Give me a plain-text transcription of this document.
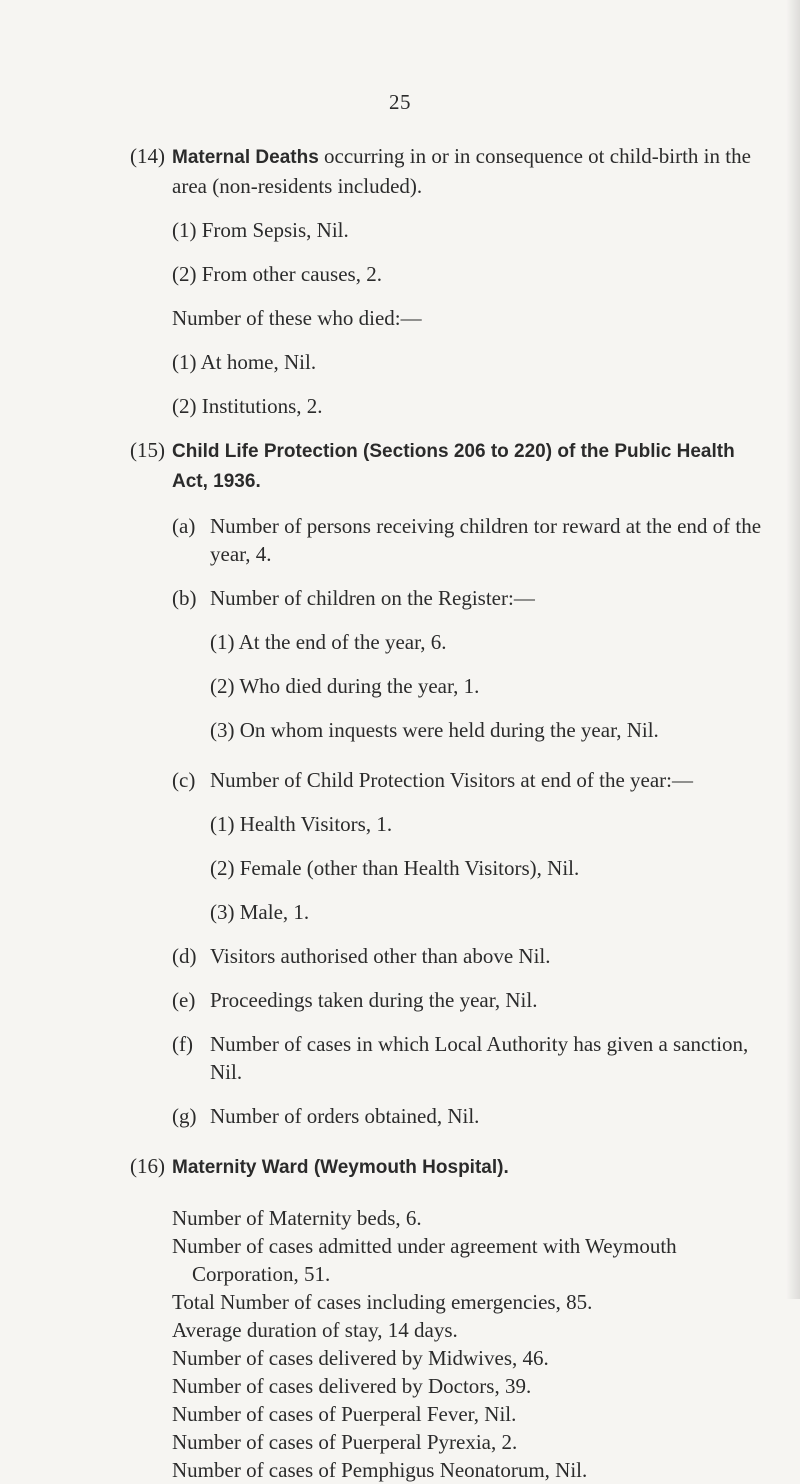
25
(14) Maternal Deaths occurring in or in consequence ot child-birth in the area (non-residents included).
(1) From Sepsis, Nil.
(2) From other causes, 2.
Number of these who died:—
(1) At home, Nil.
(2) Institutions, 2.
(15) Child Life Protection (Sections 206 to 220) of the Public Health Act, 1936.
(a) Number of persons receiving children tor reward at the end of the year, 4.
(b) Number of children on the Register:—
(1) At the end of the year, 6.
(2) Who died during the year, 1.
(3) On whom inquests were held during the year, Nil.
(c) Number of Child Protection Visitors at end of the year:—
(1) Health Visitors, 1.
(2) Female (other than Health Visitors), Nil.
(3) Male, 1.
(d) Visitors authorised other than above Nil.
(e) Proceedings taken during the year, Nil.
(f) Number of cases in which Local Authority has given a sanction, Nil.
(g) Number of orders obtained, Nil.
(16) Maternity Ward (Weymouth Hospital).
Number of Maternity beds, 6.
Number of cases admitted under agreement with Weymouth Corporation, 51.
Total Number of cases including emergencies, 85.
Average duration of stay, 14 days.
Number of cases delivered by Midwives, 46.
Number of cases delivered by Doctors, 39.
Number of cases of Puerperal Fever, Nil.
Number of cases of Puerperal Pyrexia, 2.
Number of cases of Pemphigus Neonatorum, Nil.
